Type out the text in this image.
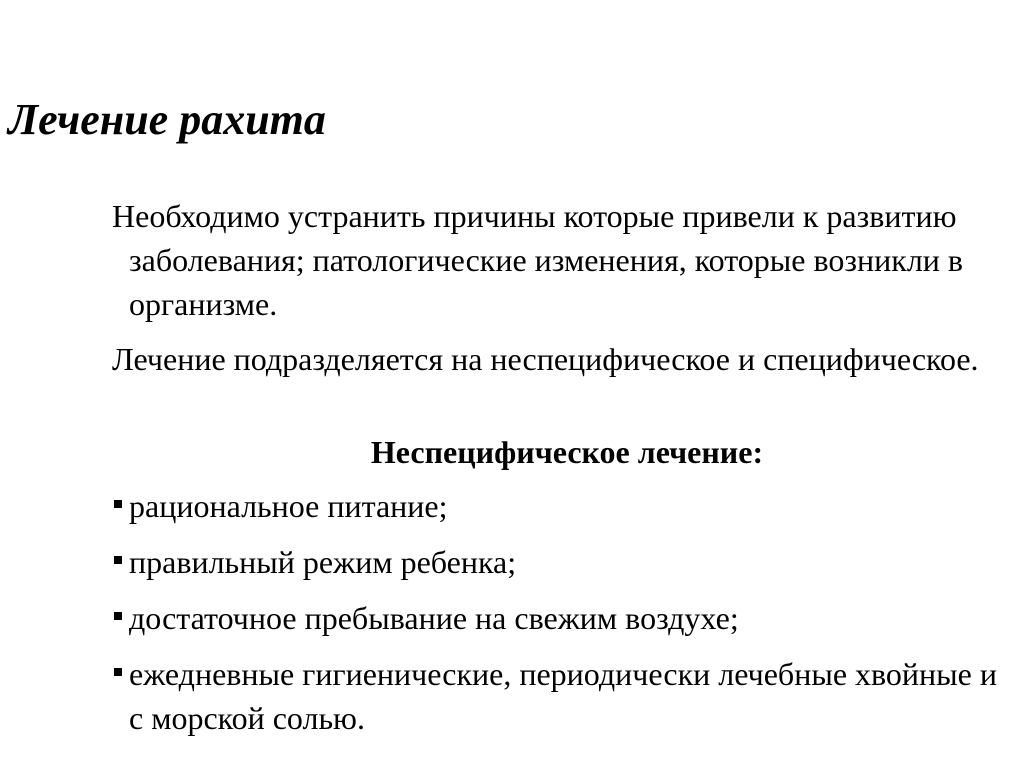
Лечение рахита

Необходимо устранить причины которые привели к развитию заболевания; патологические изменения, которые возникли в организме.

Лечение подразделяется на неспецифическое и специфическое.

Неспецифическое лечение:

рациональное питание;
правильный режим ребенка;
достаточное пребывание на свежим воздухе;
ежедневные гигиенические, периодически лечебные хвойные и с морской солью.
